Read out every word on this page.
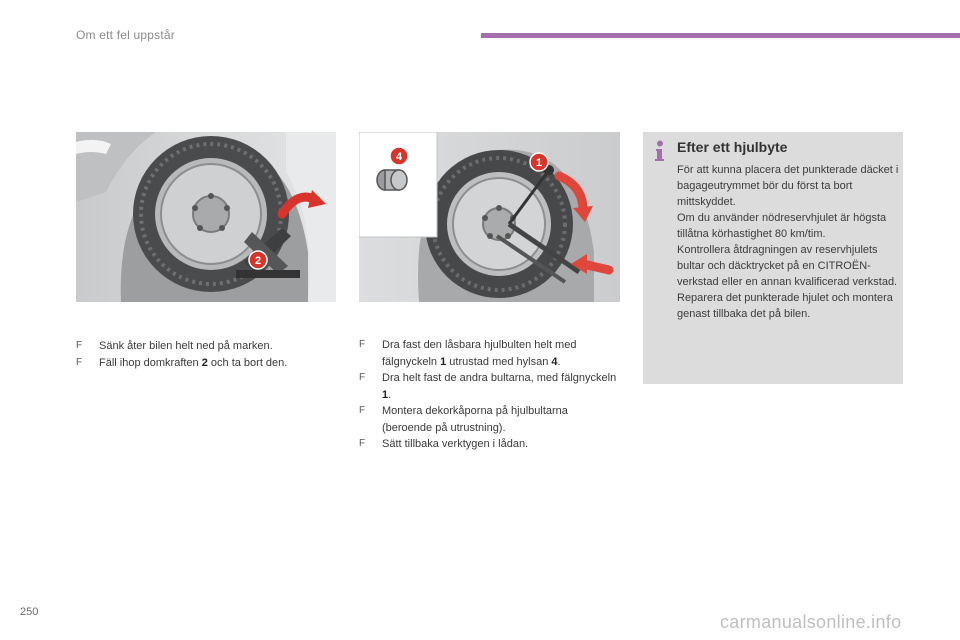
Om ett fel uppstår
2
4	1
Efter ett hjulbyte

För att kunna placera det punkterade däcket i bagageutrymmet bör du först ta bort mittskyddet.

Om du använder nödreservhjulet är högsta tillåtna körhastighet 80 km/tim.

Kontrollera åtdragningen av reservhjulets bultar och däcktrycket på en CITROËN-verkstad eller en annan kvalificerad verkstad.

Reparera det punkterade hjulet och montera genast tillbaka det på bilen.

F Sänk åter bilen helt ned på marken.
F Fäll ihop domkraften 2 och ta bort den.
F Dra fast den låsbara hjulbulten helt med fälgnyckeln 1 utrustad med hylsan 4.
F Dra helt fast de andra bultarna, med fälgnyckeln 1.
F Montera dekorkåporna på hjulbultarna (beroende på utrustning).
F Sätt tillbaka verktygen i lådan.
250	carmanualsonline.info
